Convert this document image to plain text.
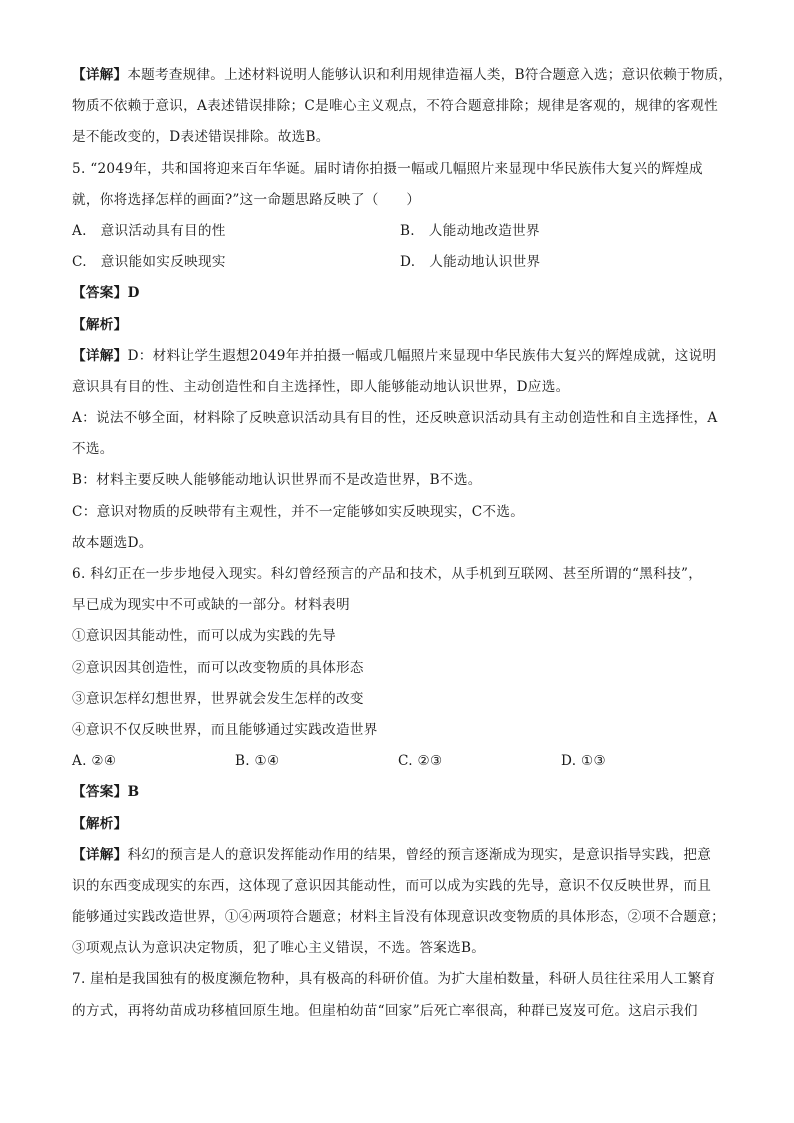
【详解】本题考查规律。上述材料说明人能够认识和利用规律造福人类，B符合题意入选；意识依赖于物质，
物质不依赖于意识，A表述错误排除；C是唯心主义观点，不符合题意排除；规律是客观的，规律的客观性
是不能改变的，D表述错误排除。故选B。
5. “2049年，共和国将迎来百年华诞。届时请你拍摄一幅或几幅照片来显现中华民族伟大复兴的辉煌成
就，你将选择怎样的画面?”这一命题思路反映了（　　）
A.　意识活动具有目的性	B.　人能动地改造世界
C.　意识能如实反映现实	D.　人能动地认识世界
【答案】D
【解析】
【详解】D：材料让学生遐想2049年并拍摄一幅或几幅照片来显现中华民族伟大复兴的辉煌成就，这说明
意识具有目的性、主动创造性和自主选择性，即人能够能动地认识世界，D应选。
A：说法不够全面，材料除了反映意识活动具有目的性，还反映意识活动具有主动创造性和自主选择性，A
不选。
B：材料主要反映人能够能动地认识世界而不是改造世界，B不选。
C：意识对物质的反映带有主观性，并不一定能够如实反映现实，C不选。
故本题选D。
6. 科幻正在一步步地侵入现实。科幻曾经预言的产品和技术，从手机到互联网、甚至所谓的“黑科技”，
早已成为现实中不可或缺的一部分。材料表明
①意识因其能动性，而可以成为实践的先导
②意识因其创造性，而可以改变物质的具体形态
③意识怎样幻想世界，世界就会发生怎样的改变
④意识不仅反映世界，而且能够通过实践改造世界
A. ②④	B. ①④	C. ②③	D. ①③
【答案】B
【解析】
【详解】科幻的预言是人的意识发挥能动作用的结果，曾经的预言逐渐成为现实，是意识指导实践，把意
识的东西变成现实的东西，这体现了意识因其能动性，而可以成为实践的先导，意识不仅反映世界，而且
能够通过实践改造世界，①④两项符合题意；材料主旨没有体现意识改变物质的具体形态，②项不合题意；
③项观点认为意识决定物质，犯了唯心主义错误，不选。答案选B。
7. 崖柏是我国独有的极度濒危物种，具有极高的科研价值。为扩大崖柏数量，科研人员往往采用人工繁育
的方式，再将幼苗成功移植回原生地。但崖柏幼苗“回家”后死亡率很高，种群已岌岌可危。这启示我们
